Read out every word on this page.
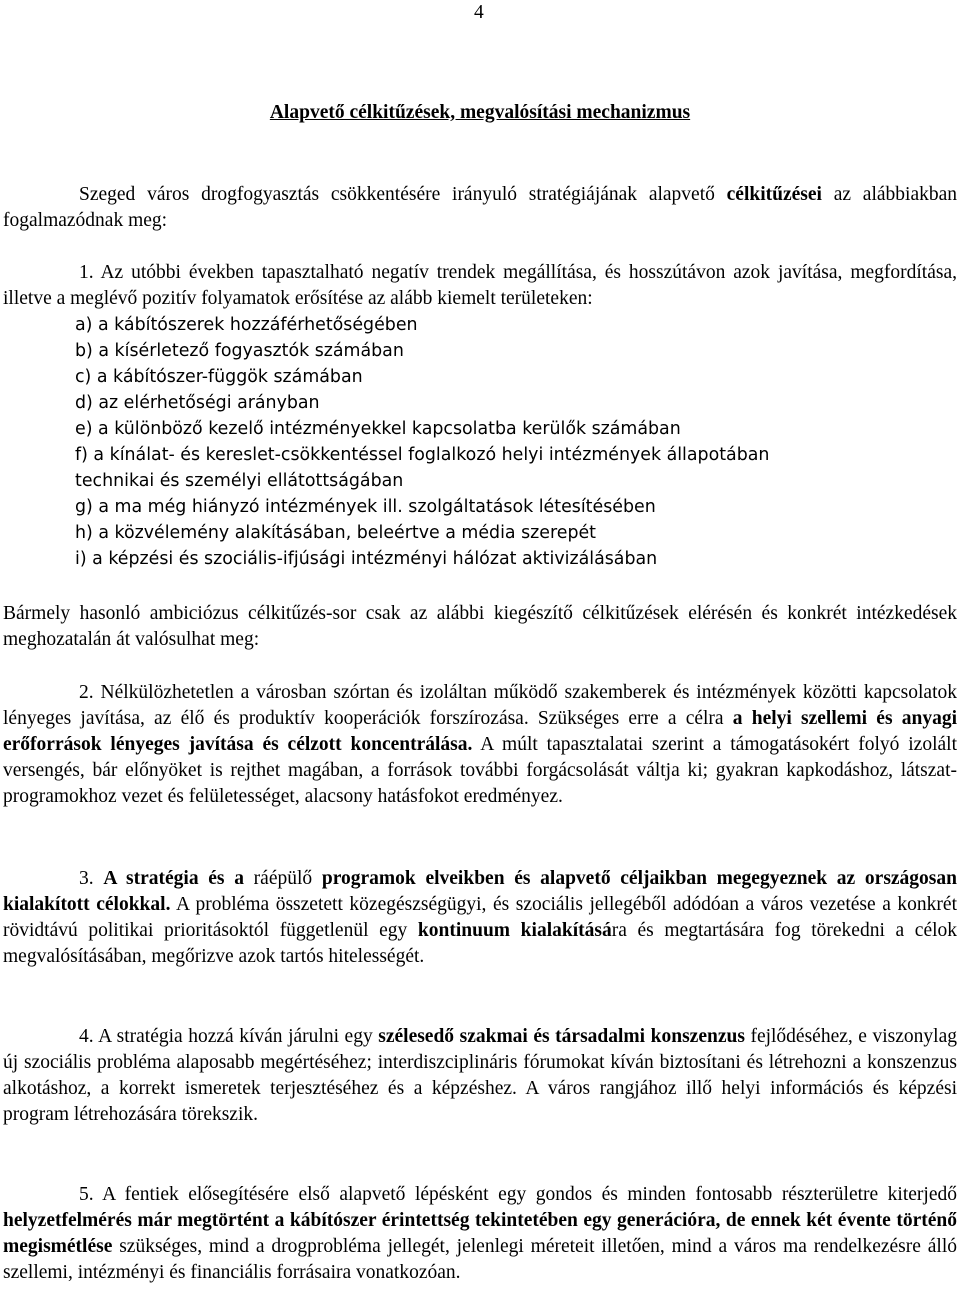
4
Alapvető célkitűzések, megvalósítási mechanizmus
Szeged város drogfogyasztás csökkentésére irányuló stratégiájának alapvető célkitűzései az alábbiakban fogalmazódnak meg:
1. Az utóbbi években tapasztalható negatív trendek megállítása, és hosszútávon azok javítása, megfordítása, illetve a meglévő pozitív folyamatok erősítése az alább kiemelt területeken:
a) a kábítószerek hozzáférhetőségében
b) a kísérletező fogyasztók számában
c) a kábítószer-függök számában
d) az elérhetőségi arányban
e) a különböző kezelő intézményekkel kapcsolatba kerülők számában
f) a kínálat- és kereslet-csökkentéssel foglalkozó helyi intézmények állapotában
technikai és személyi ellátottságában
g) a ma még hiányzó intézmények ill. szolgáltatások létesítésében
h) a közvélemény alakításában, beleértve a média szerepét
i) a képzési és szociális-ifjúsági intézményi hálózat aktivizálásában
Bármely hasonló ambiciózus célkitűzés-sor csak az alábbi kiegészítő célkitűzések elérésén és konkrét intézkedések meghozatalán át valósulhat meg:
2. Nélkülözhetetlen a városban szórtan és izoláltan működő szakemberek és intézmények közötti kapcsolatok lényeges javítása, az élő és produktív kooperációk forszírozása. Szükséges erre a célra a helyi szellemi és anyagi erőforrások lényeges javítása és célzott koncentrálása. A múlt tapasztalatai szerint a támogatásokért folyó izolált versengés, bár előnyöket is rejthet magában, a források további forgácsolását váltja ki; gyakran kapkodáshoz, látszat-programokhoz vezet és felületességet, alacsony hatásfokot eredményez.
3. A stratégia és a ráépülő programok elveikben és alapvető céljaikban megegyeznek az országosan kialakított célokkal. A probléma összetett közegészségügyi, és szociális jellegéből adódóan a város vezetése a konkrét rövidtávú politikai prioritásoktól függetlenül egy kontinuum kialakítására és megtartására fog törekedni a célok megvalósításában, megőrizve azok tartós hitelességét.
4. A stratégia hozzá kíván járulni egy szélesedő szakmai és társadalmi konszenzus fejlődéséhez, e viszonylag új szociális probléma alaposabb megértéséhez; interdiszciplináris fórumokat kíván biztosítani és létrehozni a konszenzus alkotáshoz, a korrekt ismeretek terjesztéséhez és a képzéshez. A város rangjához illő helyi információs és képzési program létrehozására törekszik.
5. A fentiek elősegítésére első alapvető lépésként egy gondos és minden fontosabb részterületre kiterjedő helyzetfelmérés már megtörtént a kábítószer érintettség tekintetében egy generációra, de ennek két évente történő megismétlése szükséges, mind a drogprobléma jellegét, jelenlegi méreteit illetően, mind a város ma rendelkezésre álló szellemi, intézményi és financiális forrásaira vonatkozóan.
